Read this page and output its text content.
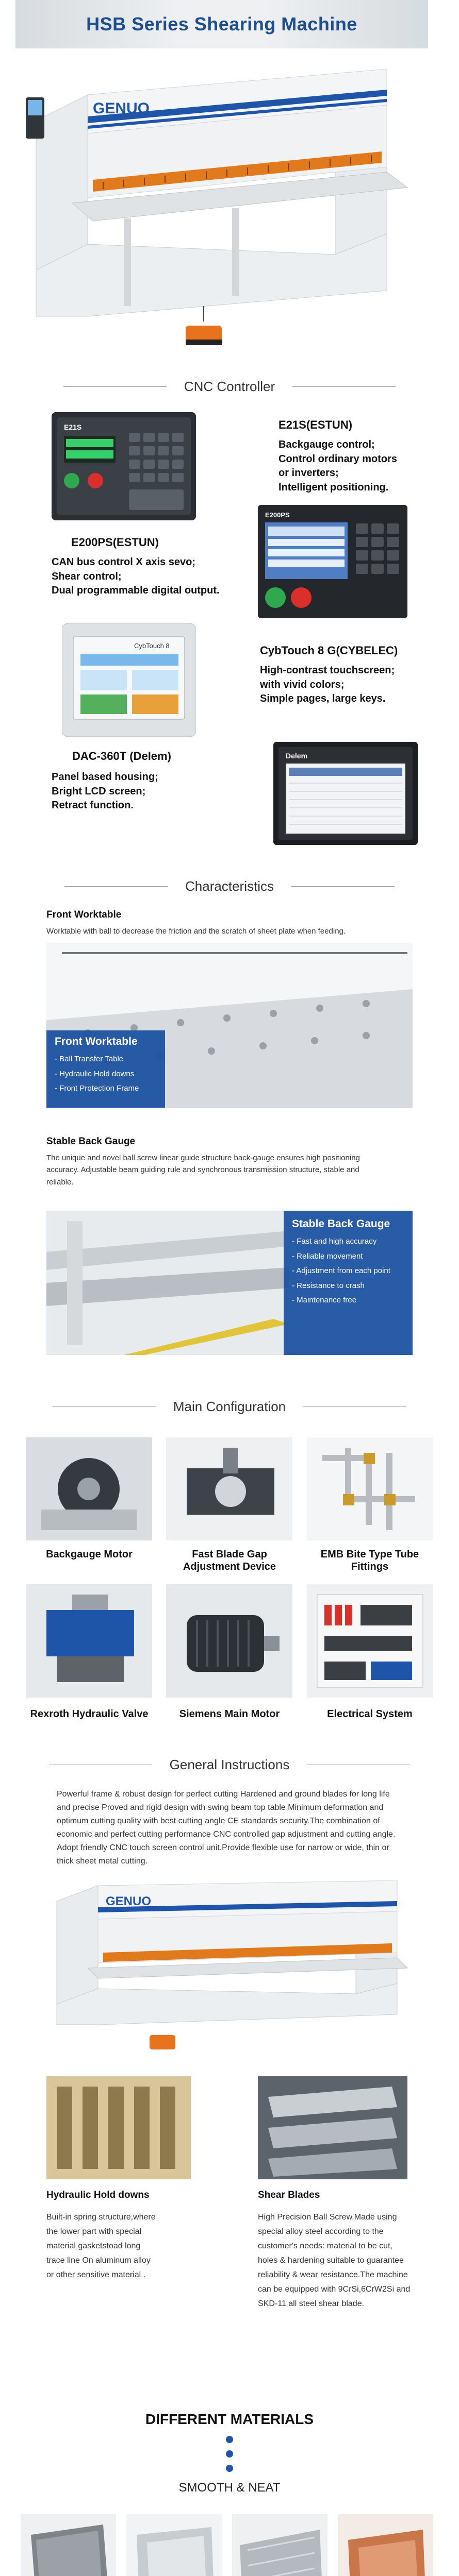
HSB Series Shearing Machine
GENUO
CNC Controller
E21S	E21S(ESTUN)
Backgauge control;
Control ordinary motors
or inverters;
Intelligent positioning.
E200PS(ESTUN)
CAN bus control X axis sevo;
Shear control;
Dual programmable digital output.
E200PS
CybTouch 8	CybTouch 8 G(CYBELEC)
High-contrast touchscreen;
with vivid colors;
Simple pages, large keys.
DAC-360T (Delem)
Panel based housing;
Bright LCD screen;
Retract function.
Delem
Characteristics
Front Worktable
Worktable with ball to decrease the friction and the scratch of sheet plate when feeding.
Front Worktable
- Ball Transfer Table
- Hydraulic Hold downs
- Front Protection Frame
Stable Back Gauge
The unique and novel ball screw linear guide structure back-gauge ensures high positioning
accuracy. Adjustable beam guiding rule and synchronous transmission structure, stable and
reliable.
Stable Back Gauge
- Fast and high accuracy
- Reliable movement
- Adjustment from each point
- Resistance to crash
- Maintenance free
Main Configuration
Backgauge Motor	Fast Blade Gap Adjustment Device
EMB Bite Type Tube Fittings
Rexroth Hydraulic Valve	Siemens Main Motor	Electrical System
General Instructions
Powerful frame & robust design for perfect cutting Hardened and ground blades for long life
and precise Proved and rigid design with swing beam top table Minimum deformation and
optimum cutting quality with best cutting angle CE standards security.The combination of
economic and perfect cutting performance CNC controlled gap adjustment and cutting angle.
Adopt friendly CNC touch screen control unit.Provide flexible use for narrow or wide, thin or
thick sheet metal cutting.
GENUO
Hydraulic Hold downs
Built-in spring structure,where
the lower part with special
material gasketstoad long
trace line On aluminum alloy
or other sensitive material .
Shear Blades
High Precision Ball Screw.Made using
special alloy steel according to the
customer's needs: material to be cut,
holes & hardening suitable to guarantee
reliability & wear resistance.The machine
can be equipped with 9CrSi,6CrW2Si and
SKD-11 all steel shear blade.
DIFFERENT MATERIALS
SMOOTH & NEAT
